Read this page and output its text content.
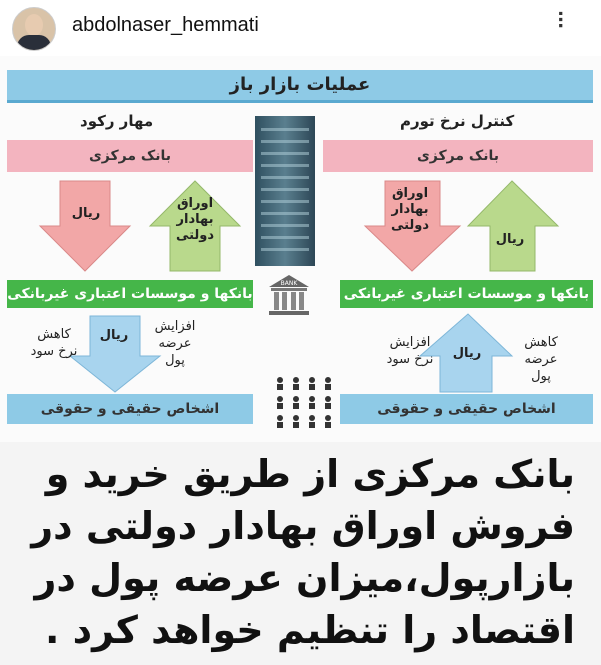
abdolnaser_hemmati	⠇
عملیات بازار باز
مهار رکود	کنترل نرخ تورم
بانک مرکزی	بانک مرکزی
ریال
اوراق بهادار دولتی
اوراق بهادار دولتی
ریال
بانکها و موسسات اعتباری غیربانکی	بانکها و موسسات اعتباری غیربانکی
BANK
ریال
افزایش عرضه پول
کاهش نرخ سود	ریال
افزایش نرخ سود
کاهش عرضه پول
اشخاص حقیقی و حقوقی	اشخاص حقیقی و حقوقی

بانک مرکزی از طریق خرید و فروش اوراق بهادار دولتی در بازارپول،میزان عرضه پول در اقتصاد را تنظیم خواهد کرد .
